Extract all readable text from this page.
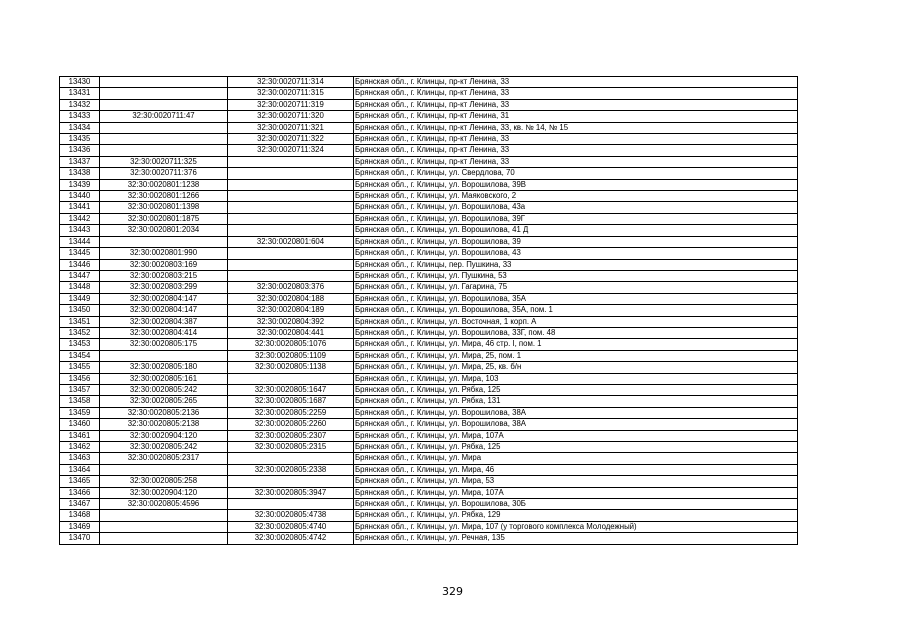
13430		32:30:0020711:314	Брянская обл., г. Клинцы, пр-кт Ленина, 33
13431		32:30:0020711:315	Брянская обл., г. Клинцы, пр-кт Ленина, 33
13432		32:30:0020711:319	Брянская обл., г. Клинцы, пр-кт Ленина, 33
13433	32:30:0020711:47	32:30:0020711:320	Брянская обл., г. Клинцы, пр-кт Ленина, 31
13434		32:30:0020711:321	Брянская обл., г. Клинцы, пр-кт Ленина, 33, кв. № 14, № 15
13435		32:30:0020711:322	Брянская обл., г. Клинцы, пр-кт Ленина, 33
13436		32:30:0020711:324	Брянская обл., г. Клинцы, пр-кт Ленина, 33
13437	32:30:0020711:325		Брянская обл., г. Клинцы, пр-кт Ленина, 33
13438	32:30:0020711:376		Брянская обл., г. Клинцы, ул. Свердлова, 70
13439	32:30:0020801:1238		Брянская обл., г. Клинцы, ул. Ворошилова, 39В
13440	32:30:0020801:1266		Брянская обл., г. Клинцы, ул. Маяковского, 2
13441	32:30:0020801:1398		Брянская обл., г. Клинцы, ул. Ворошилова, 43а
13442	32:30:0020801:1875		Брянская обл., г. Клинцы, ул. Ворошилова, 39Г
13443	32:30:0020801:2034		Брянская обл., г. Клинцы, ул. Ворошилова, 41 Д
13444		32:30:0020801:604	Брянская обл., г. Клинцы, ул. Ворошилова, 39
13445	32:30:0020801:990		Брянская обл., г. Клинцы, ул. Ворошилова, 43
13446	32:30:0020803:169		Брянская обл., г. Клинцы, пер. Пушкина, 33
13447	32:30:0020803:215		Брянская обл., г. Клинцы, ул. Пушкина, 53
13448	32:30:0020803:299	32:30:0020803:376	Брянская обл., г. Клинцы, ул. Гагарина, 75
13449	32:30:0020804:147	32:30:0020804:188	Брянская обл., г. Клинцы, ул. Ворошилова, 35А
13450	32:30:0020804:147	32:30:0020804:189	Брянская обл., г. Клинцы, ул. Ворошилова, 35А, пом. 1
13451	32:30:0020804:387	32:30:0020804:392	Брянская обл., г. Клинцы, ул. Восточная, 1 корп. А
13452	32:30:0020804:414	32:30:0020804:441	Брянская обл., г. Клинцы, ул. Ворошилова, 33Г, пом. 48
13453	32:30:0020805:175	32:30:0020805:1076	Брянская обл., г. Клинцы, ул. Мира, 46 стр. I, пом. 1
13454		32:30:0020805:1109	Брянская обл., г. Клинцы, ул. Мира, 25, пом. 1
13455	32:30:0020805:180	32:30:0020805:1138	Брянская обл., г. Клинцы, ул. Мира, 25, кв. б/н
13456	32:30:0020805:161		Брянская обл., г. Клинцы, ул. Мира, 103
13457	32:30:0020805:242	32:30:0020805:1647	Брянская обл., г. Клинцы, ул. Рябка, 125
13458	32:30:0020805:265	32:30:0020805:1687	Брянская обл., г. Клинцы, ул. Рябка, 131
13459	32:30:0020805:2136	32:30:0020805:2259	Брянская обл., г. Клинцы, ул. Ворошилова, 38А
13460	32:30:0020805:2138	32:30:0020805:2260	Брянская обл., г. Клинцы, ул. Ворошилова, 38А
13461	32:30:0020904:120	32:30:0020805:2307	Брянская обл., г. Клинцы, ул. Мира, 107А
13462	32:30:0020805:242	32:30:0020805:2315	Брянская обл., г. Клинцы, ул. Рябка, 125
13463	32:30:0020805:2317		Брянская обл., г. Клинцы, ул. Мира
13464		32:30:0020805:2338	Брянская обл., г. Клинцы, ул. Мира, 46
13465	32:30:0020805:258		Брянская обл., г. Клинцы, ул. Мира, 53
13466	32:30:0020904:120	32:30:0020805:3947	Брянская обл., г. Клинцы, ул. Мира, 107А
13467	32:30:0020805:4596		Брянская обл., г. Клинцы, ул. Ворошилова, 30Б
13468		32:30:0020805:4738	Брянская обл., г. Клинцы, ул. Рябка, 129
13469		32:30:0020805:4740	Брянская обл., г. Клинцы, ул. Мира, 107 (у торгового комплекса Молодежный)
13470		32:30:0020805:4742	Брянская обл., г. Клинцы, ул. Речная, 135
329
